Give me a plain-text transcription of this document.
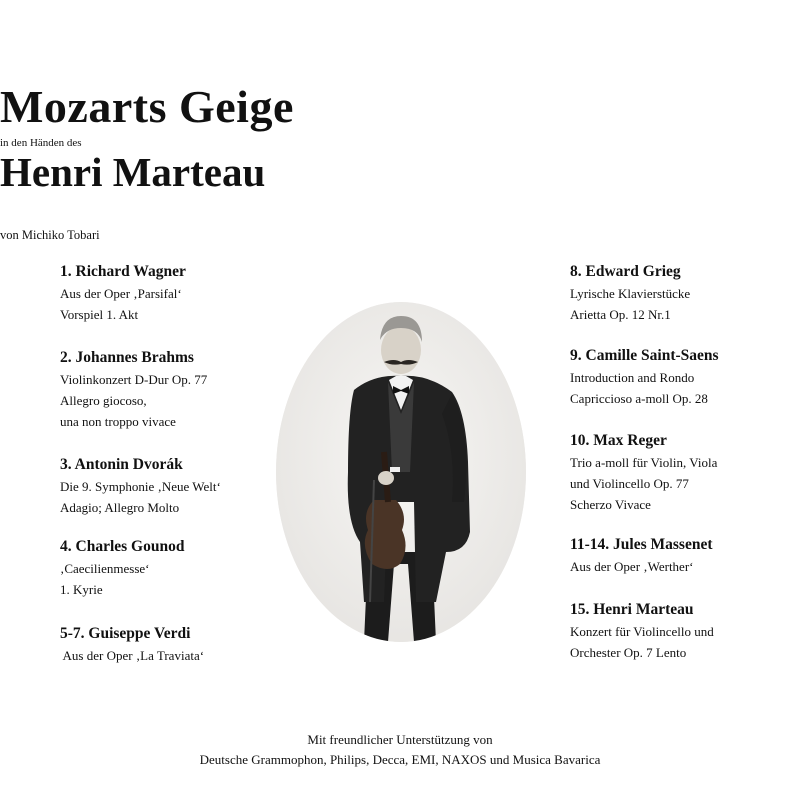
Mozarts Geige
in den Händen des
Henri Marteau
von Michiko Tobari
1. Richard Wagner
Aus der Oper ‚Parsifal‘
Vorspiel 1. Akt
2. Johannes Brahms
Violinkonzert D-Dur Op. 77
Allegro giocoso,
una non troppo vivace
3. Antonin Dvorák
Die 9. Symphonie ‚Neue Welt‘
Adagio; Allegro Molto
4. Charles Gounod
‚Caecilienmesse‘
1. Kyrie
5-7. Guiseppe Verdi
Aus der Oper ‚La Traviata‘
8. Edward Grieg
Lyrische Klavierstücke
Arietta Op. 12 Nr.1
9. Camille Saint-Saens
Introduction and Rondo
Capriccioso a-moll Op. 28
10. Max Reger
Trio a-moll für Violin, Viola
und Violincello Op. 77
Scherzo Vivace
11-14. Jules Massenet
Aus der Oper ‚Werther‘
15. Henri Marteau
Konzert für Violincello und
Orchester Op. 7 Lento
Mit freundlicher Unterstützung von
Deutsche Grammophon, Philips, Decca, EMI, NAXOS und Musica Bavarica
